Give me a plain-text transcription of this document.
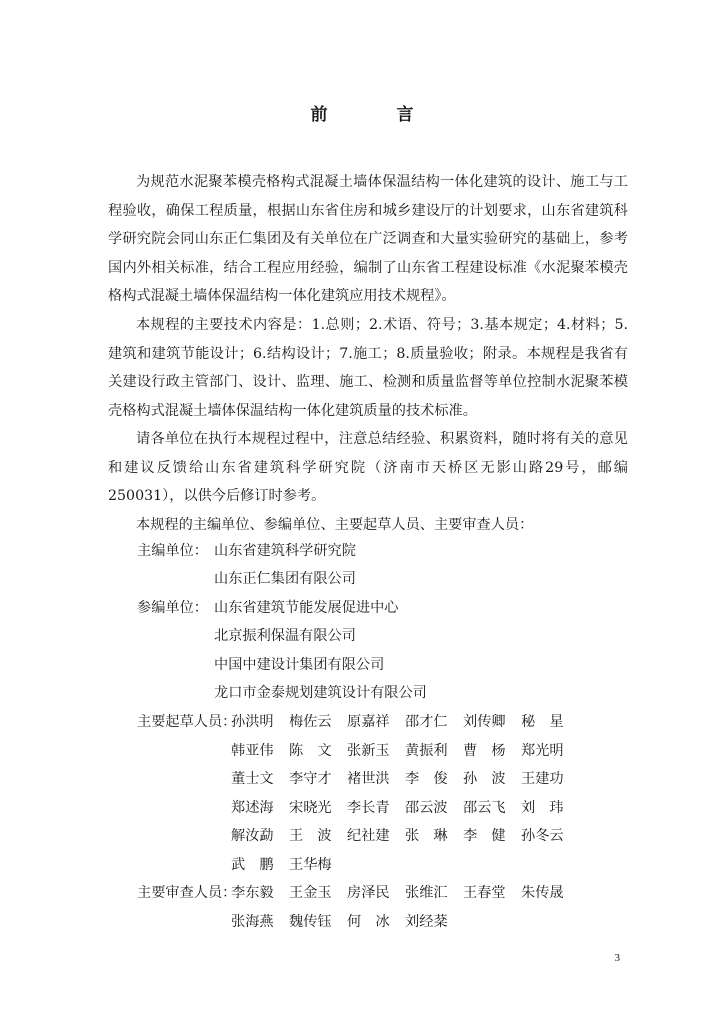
前　言
为规范水泥聚苯模壳格构式混凝土墙体保温结构一体化建筑的设计、施工与工程验收，确保工程质量，根据山东省住房和城乡建设厅的计划要求，山东省建筑科学研究院会同山东正仁集团及有关单位在广泛调查和大量实验研究的基础上，参考国内外相关标准，结合工程应用经验，编制了山东省工程建设标准《水泥聚苯模壳格构式混凝土墙体保温结构一体化建筑应用技术规程》。
本规程的主要技术内容是：1.总则；2.术语、符号；3.基本规定；4.材料；5.建筑和建筑节能设计；6.结构设计；7.施工；8.质量验收；附录。本规程是我省有关建设行政主管部门、设计、监理、施工、检测和质量监督等单位控制水泥聚苯模壳格构式混凝土墙体保温结构一体化建筑质量的技术标准。
请各单位在执行本规程过程中，注意总结经验、积累资料，随时将有关的意见和建议反馈给山东省建筑科学研究院（济南市天桥区无影山路29号，邮编250031），以供今后修订时参考。
本规程的主编单位、参编单位、主要起草人员、主要审查人员：
主编单位： 山东省建筑科学研究院
山东正仁集团有限公司
参编单位： 山东省建筑节能发展促进中心
北京振利保温有限公司
中国中建设计集团有限公司
龙口市金泰规划建筑设计有限公司
主要起草人员：
孙洪明 梅佐云 原嘉祥 邵才仁 刘传卿 秘　星
韩亚伟 陈　文 张新玉 黄振利 曹　杨 郑光明
董士文 李守才 褚世洪 李　俊 孙　波 王建功
郑述海 宋晓光 李长青 邵云波 邵云飞 刘　玮
解汝勐 王　波 纪社建 张　琳 李　健 孙冬云
武　鹏 王华梅
主要审查人员：
李东毅 王金玉 房泽民 张维汇 王春堂 朱传晟
张海燕 魏传钰 何　冰 刘经棻
3
